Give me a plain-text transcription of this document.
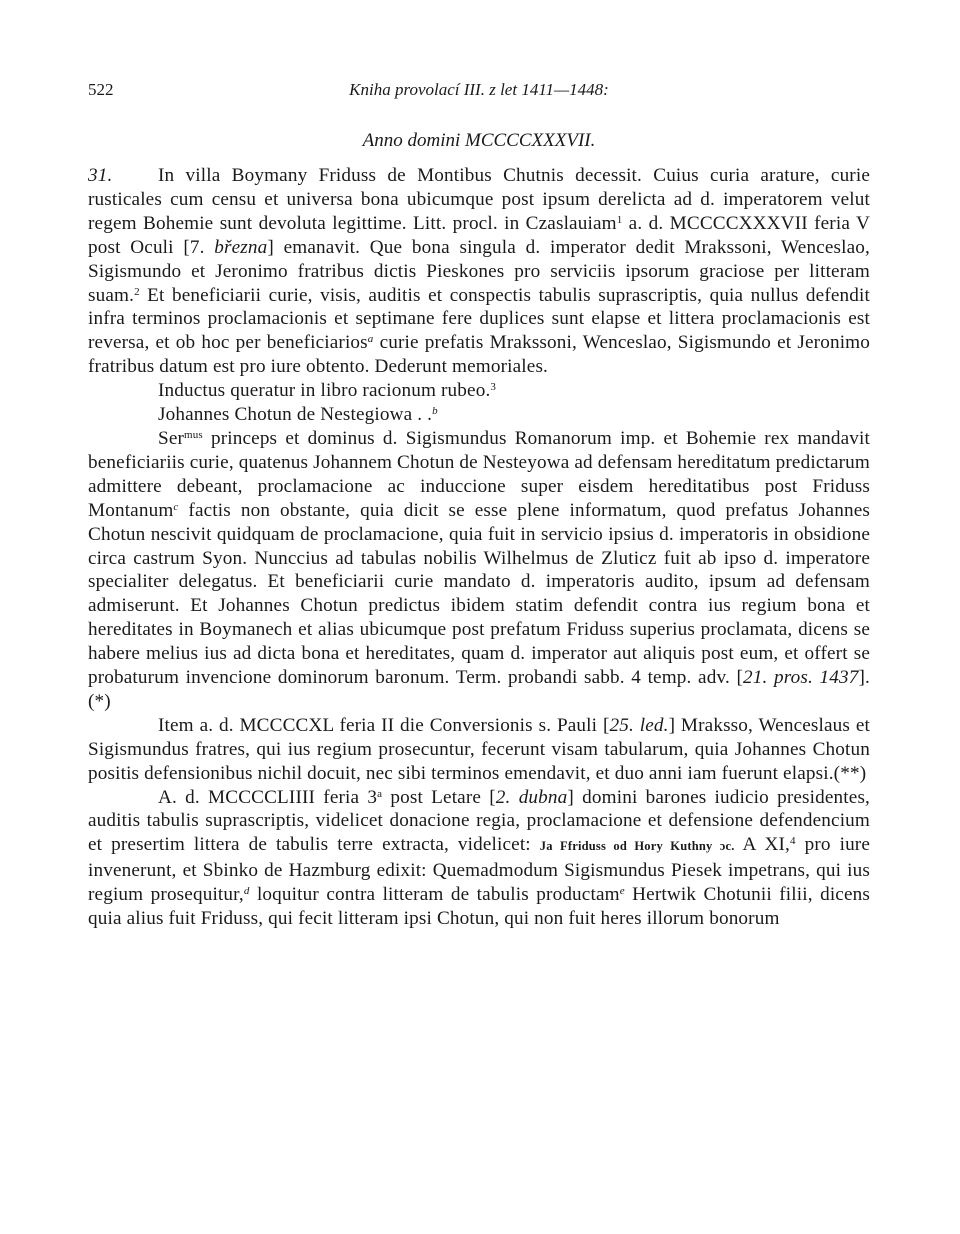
522	Kniha provolací III. z let 1411—1448:
Anno domini MCCCCXXXVII.

31. In villa Boymany Friduss de Montibus Chutnis decessit. Cuius curia arature, curie rusticales cum censu et universa bona ubicumque post ipsum derelicta ad d. imperatorem velut regem Bohemie sunt devoluta legittime. Litt. procl. in Czaslauiam$^1$ a. d. MCCCCXXXVII feria V post Oculi [7. března] emanavit. Que bona singula d. imperator dedit Mrakssoni, Wenceslao, Sigismundo et Jeronimo fratribus dictis Pieskones pro serviciis ipsorum graciose per litteram suam.$^2$ Et beneficiarii curie, visis, auditis et conspectis tabulis suprascriptis, quia nullus defendit infra terminos proclamacionis et septimane fere duplices sunt elapse et littera proclamacionis est reversa, et ob hoc per beneficiarios$^a$ curie prefatis Mrakssoni, Wenceslao, Sigismundo et Jeronimo fratribus datum est pro iure obtento. Dederunt memoriales.

Inductus queratur in libro racionum rubeo.$^3$

Johannes Chotun de Nestegiowa . .$^b$

Ser$^{mus}$ princeps et dominus d. Sigismundus Romanorum imp. et Bohemie rex mandavit beneficiariis curie, quatenus Johannem Chotun de Nesteyowa ad defensam hereditatum predictarum admittere debeant, proclamacione ac induccione super eisdem hereditatibus post Friduss Montanum$^c$ factis non obstante, quia dicit se esse plene informatum, quod prefatus Johannes Chotun nescivit quidquam de proclamacione, quia fuit in servicio ipsius d. imperatoris in obsidione circa castrum Syon. Nunccius ad tabulas nobilis Wilhelmus de Zluticz fuit ab ipso d. imperatore specialiter delegatus. Et beneficiarii curie mandato d. imperatoris audito, ipsum ad defensam admiserunt. Et Johannes Chotun predictus ibidem statim defendit contra ius regium bona et hereditates in Boymanech et alias ubicumque post prefatum Friduss superius proclamata, dicens se habere melius ius ad dicta bona et hereditates, quam d. imperator aut aliquis post eum, et offert se probaturum invencione dominorum baronum. Term. probandi sabb. 4 temp. adv. [21. pros. 1437].(*)

Item a. d. MCCCCXL feria II die Conversionis s. Pauli [25. led.] Mraksso, Wenceslaus et Sigismundus fratres, qui ius regium prosecuntur, fecerunt visam tabularum, quia Johannes Chotun positis defensionibus nichil docuit, nec sibi terminos emendavit, et duo anni iam fuerunt elapsi.(**)

A. d. MCCCCLIIII feria 3$^a$ post Letare [2. dubna] domini barones iudicio presidentes, auditis tabulis suprascriptis, videlicet donacione regia, proclamacione et defensione defendencium et presertim littera de tabulis terre extracta, videlicet: Ja Ffriduss od Hory Kuthny ɔc. A XI,$^4$ pro iure invenerunt, et Sbinko de Hazmburg edixit: Quemadmodum Sigismundus Piesek impetrans, qui ius regium prosequitur,$^d$ loquitur contra litteram de tabulis productam$^e$ Hertwik Chotunii filii, dicens quia alius fuit Friduss, qui fecit litteram ipsi Chotun, qui non fuit heres illorum bonorum
